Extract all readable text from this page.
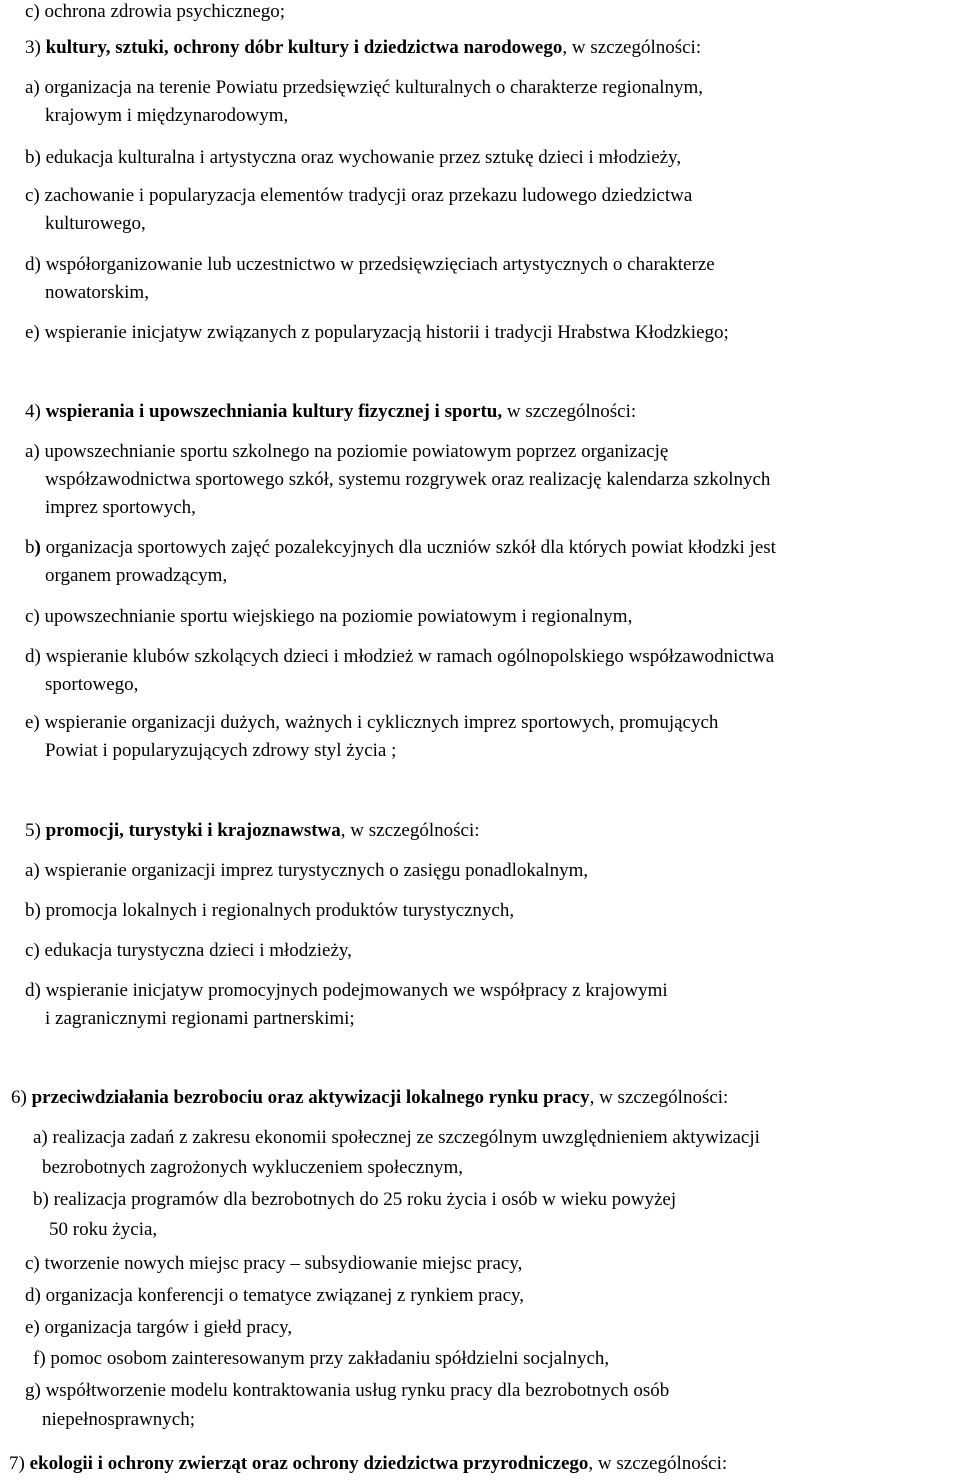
c) ochrona zdrowia psychicznego;
3) kultury, sztuki, ochrony dóbr kultury i dziedzictwa narodowego, w szczególności:
a) organizacja na terenie Powiatu przedsięwzięć kulturalnych o charakterze regionalnym,
krajowym i międzynarodowym,
b) edukacja kulturalna i artystyczna oraz wychowanie przez sztukę dzieci i młodzieży,
c) zachowanie i popularyzacja elementów tradycji oraz przekazu ludowego dziedzictwa
kulturowego,
d) współorganizowanie lub uczestnictwo w przedsięwzięciach artystycznych o charakterze
nowatorskim,
e) wspieranie inicjatyw związanych z popularyzacją historii i tradycji Hrabstwa Kłodzkiego;
4) wspierania i upowszechniania kultury fizycznej i sportu, w szczególności:
a) upowszechnianie sportu szkolnego na poziomie powiatowym poprzez organizację
współzawodnictwa sportowego szkół, systemu rozgrywek oraz realizację kalendarza szkolnych
imprez sportowych,
b) organizacja sportowych zajęć pozalekcyjnych dla uczniów szkół dla których powiat kłodzki jest
organem prowadzącym,
c) upowszechnianie sportu wiejskiego na poziomie powiatowym i regionalnym,
d) wspieranie klubów szkolących dzieci i młodzież w ramach ogólnopolskiego współzawodnictwa
sportowego,
e) wspieranie organizacji dużych, ważnych i cyklicznych imprez sportowych, promujących
Powiat i popularyzujących zdrowy styl życia ;
5) promocji, turystyki i krajoznawstwa, w szczególności:
a) wspieranie organizacji imprez turystycznych o zasięgu ponadlokalnym,
b) promocja lokalnych i regionalnych produktów turystycznych,
c) edukacja turystyczna dzieci i młodzieży,
d) wspieranie inicjatyw promocyjnych podejmowanych we współpracy z krajowymi
i zagranicznymi regionami partnerskimi;
6) przeciwdziałania bezrobociu oraz aktywizacji lokalnego rynku pracy, w szczególności:
a) realizacja zadań z zakresu ekonomii społecznej ze szczególnym uwzględnieniem aktywizacji
bezrobotnych zagrożonych wykluczeniem społecznym,
b) realizacja programów dla bezrobotnych do 25 roku życia i osób w wieku powyżej
50 roku życia,
c) tworzenie nowych miejsc pracy – subsydiowanie miejsc pracy,
d) organizacja konferencji o tematyce związanej z rynkiem pracy,
e) organizacja targów i giełd pracy,
f) pomoc osobom zainteresowanym przy zakładaniu spółdzielni socjalnych,
g) współtworzenie modelu kontraktowania usług rynku pracy dla bezrobotnych osób
niepełnosprawnych;
7) ekologii i ochrony zwierząt oraz ochrony dziedzictwa przyrodniczego, w szczególności:
